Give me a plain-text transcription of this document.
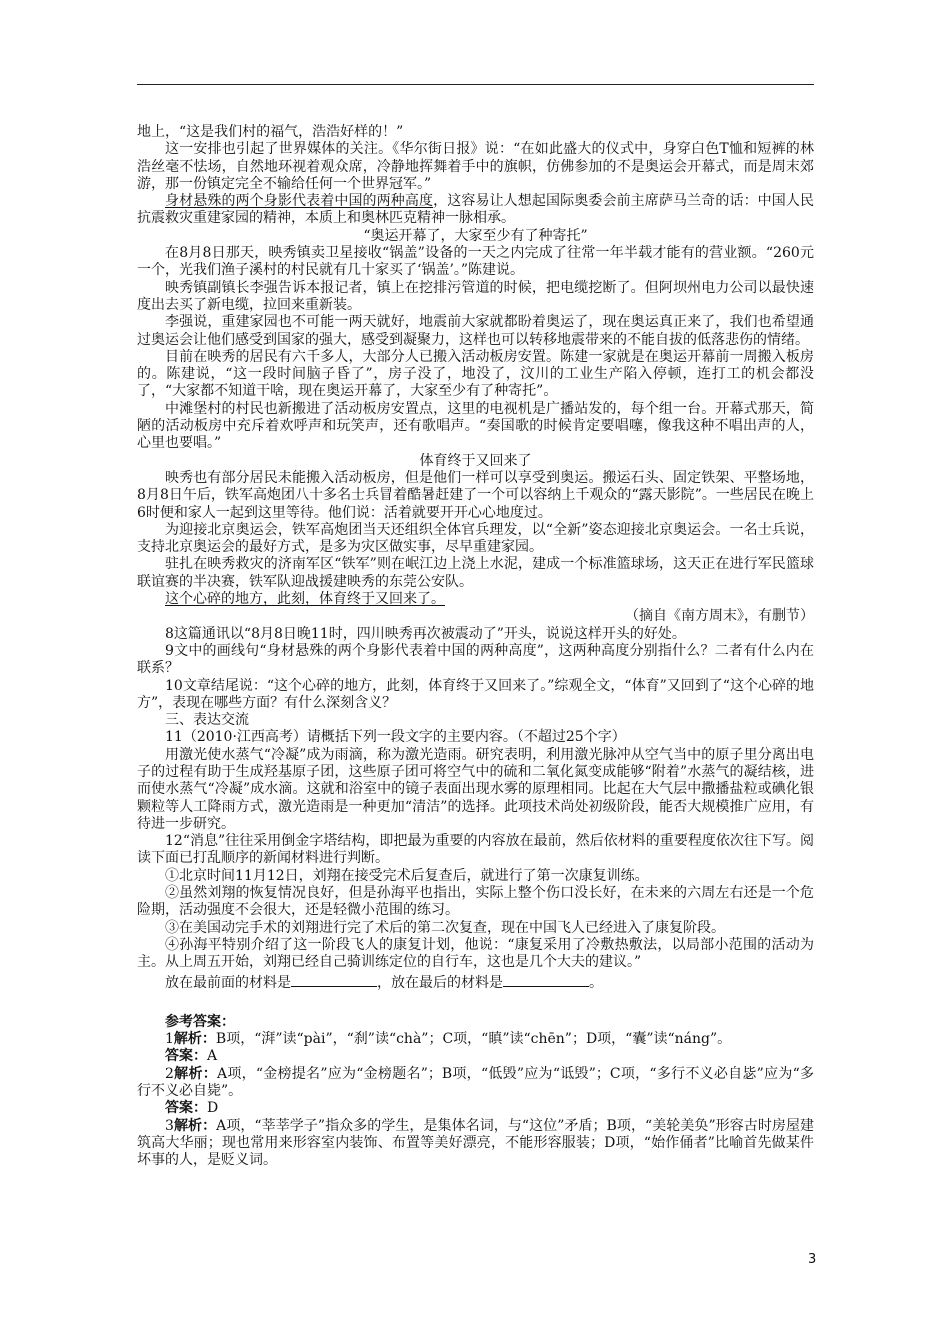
地上，“这是我们村的福气，浩浩好样的！”

这一安排也引起了世界媒体的关注。《华尔街日报》说：“在如此盛大的仪式中，身穿白色T恤和短裤的林浩丝毫不怯场，自然地环视着观众席，冷静地挥舞着手中的旗帜，仿佛参加的不是奥运会开幕式，而是周末郊游，那一份镇定完全不输给任何一个世界冠军。”

身材悬殊的两个身影代表着中国的两种高度，这容易让人想起国际奥委会前主席萨马兰奇的话：中国人民抗震救灾重建家园的精神，本质上和奥林匹克精神一脉相承。

“奥运开幕了，大家至少有了种寄托”

在8月8日那天，映秀镇卖卫星接收“锅盖”设备的一天之内完成了往常一年半载才能有的营业额。“260元一个，光我们渔子溪村的村民就有几十家买了‘锅盖’。”陈建说。

映秀镇副镇长李强告诉本报记者，镇上在挖排污管道的时候，把电缆挖断了。但阿坝州电力公司以最快速度出去买了新电缆，拉回来重新装。

李强说，重建家园也不可能一两天就好，地震前大家就都盼着奥运了，现在奥运真正来了，我们也希望通过奥运会让他们感受到国家的强大，感受到凝聚力，这样也可以转移地震带来的不能自拔的低落悲伤的情绪。

目前在映秀的居民有六千多人，大部分人已搬入活动板房安置。陈建一家就是在奥运开幕前一周搬入板房的。陈建说，“这一段时间脑子昏了”，房子没了，地没了，汶川的工业生产陷入停顿，连打工的机会都没了，“大家都不知道干啥，现在奥运开幕了，大家至少有了种寄托”。

中滩堡村的村民也新搬进了活动板房安置点，这里的电视机是广播站发的，每个组一台。开幕式那天，简陋的活动板房中充斥着欢呼声和玩笑声，还有歌唱声。“奏国歌的时候肯定要唱噻，像我这种不唱出声的人，心里也要唱。”

体育终于又回来了

映秀也有部分居民未能搬入活动板房，但是他们一样可以享受到奥运。搬运石头、固定铁架、平整场地，8月8日午后，铁军高炮团八十多名士兵冒着酷暑赶建了一个可以容纳上千观众的“露天影院”。一些居民在晚上6时便和家人一起到这里等待。他们说：活着就要开开心心地度过。

为迎接北京奥运会，铁军高炮团当天还组织全体官兵理发，以“全新”姿态迎接北京奥运会。一名士兵说，支持北京奥运会的最好方式，是多为灾区做实事，尽早重建家园。

驻扎在映秀救灾的济南军区“铁军”则在岷江边上浇上水泥，建成一个标准篮球场，这天正在进行军民篮球联谊赛的半决赛，铁军队迎战援建映秀的东莞公安队。

这个心碎的地方，此刻，体育终于又回来了。

（摘自《南方周末》，有删节）

8这篇通讯以“8月8日晚11时，四川映秀再次被震动了”开头，说说这样开头的好处。

9文中的画线句“身材悬殊的两个身影代表着中国的两种高度”，这两种高度分别指什么？二者有什么内在联系？

10文章结尾说：“这个心碎的地方，此刻，体育终于又回来了。”综观全文，“体育”又回到了“这个心碎的地方”，表现在哪些方面？有什么深刻含义？

三、表达交流

11（2010·江西高考）请概括下列一段文字的主要内容。（不超过25个字）

用激光使水蒸气“冷凝”成为雨滴，称为激光造雨。研究表明，利用激光脉冲从空气当中的原子里分离出电子的过程有助于生成羟基原子团，这些原子团可将空气中的硫和二氧化氮变成能够“附着”水蒸气的凝结核，进而使水蒸气“冷凝”成水滴。这就和浴室中的镜子表面出现水雾的原理相同。比起在大气层中撒播盐粒或碘化银颗粒等人工降雨方式，激光造雨是一种更加“清洁”的选择。此项技术尚处初级阶段，能否大规模推广应用，有待进一步研究。

12“消息”往往采用倒金字塔结构，即把最为重要的内容放在最前，然后依材料的重要程度依次往下写。阅读下面已打乱顺序的新闻材料进行判断。

①北京时间11月12日，刘翔在接受完术后复查后，就进行了第一次康复训练。

②虽然刘翔的恢复情况良好，但是孙海平也指出，实际上整个伤口没长好，在未来的六周左右还是一个危险期，活动强度不会很大，还是轻微小范围的练习。

③在美国动完手术的刘翔进行完了术后的第二次复查，现在中国飞人已经进入了康复阶段。

④孙海平特别介绍了这一阶段飞人的康复计划，他说：“康复采用了冷敷热敷法，以局部小范围的活动为主。从上周五开始，刘翔已经自己骑训练定位的自行车，这也是几个大夫的建议。”

放在最前面的材料是	，放在最后的材料是	。

参考答案：

1解析：B项，“湃”读“pài”，“刹”读“chà”；C项，“瞋”读“chēn”；D项，“囊”读“náng”。

答案：A

2解析：A项，“金榜提名”应为“金榜题名”；B项，“低毁”应为“诋毁”；C项，“多行不义必自毖”应为“多行不义必自毙”。

答案：D

3解析：A项，“莘莘学子”指众多的学生，是集体名词，与“这位”矛盾；B项，“美轮美奂”形容古时房屋建筑高大华丽；现也常用来形容室内装饰、布置等美好漂亮，不能形容服装；D项，“始作俑者”比喻首先做某件坏事的人，是贬义词。

3
